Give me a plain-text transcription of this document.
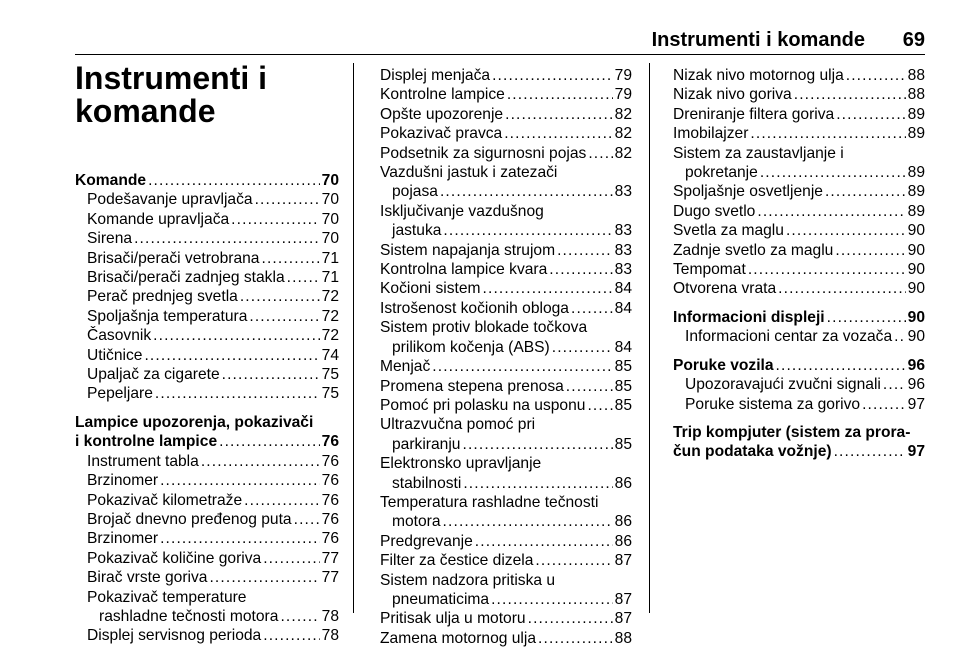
Instrumenti i komande	69
Instrumenti i
komande
Komande . . .	70
Podešavanje upravljača . . .	70
Komande upravljača . . .	70
Sirena . . .	70
Brisači/perači vetrobrana . . .	71
Brisači/perači zadnjeg stakla . . . 71
Perač prednjeg svetla . . .	72
Spoljašnja temperatura . . .	72
Časovnik . . .	72
Utičnice . . .	74
Upaljač za cigarete . . .	75
Pepeljare . . .	75
Lampice upozorenja, pokazivači
i kontrolne lampice . . .	76
Instrument tabla . . .	76
Brzinomer . . .	76
Pokazivač kilometraže . . .	76
Brojač dnevno pređenog puta . . . 76
Brzinomer . . .	76
Pokazivač količine goriva . . .	77
Birač vrste goriva . . .	77
Pokazivač temperature
rashladne tečnosti motora . . .	78
Displej servisnog perioda . . .	78
Displej menjača . . .	79
Kontrolne lampice . . .	79
Opšte upozorenje . . .	82
Pokazivač pravca . . .	82
Podsetnik za sigurnosni pojas . . . 82
Vazdušni jastuk i zatezači
pojasa . . .	83
Isključivanje vazdušnog
jastuka . . .	83
Sistem napajanja strujom . . .	83
Kontrolna lampice kvara . . .	83
Kočioni sistem . . .	84
Istrošenost kočionih obloga . . .	84
Sistem protiv blokade točkova
prilikom kočenja (ABS) . . .	84
Menjač . . .	85
Promena stepena prenosa . . .	85
Pomoć pri polasku na usponu . . . 85
Ultrazvučna pomoć pri
parkiranju . . .	85
Elektronsko upravljanje
stabilnosti . . .	86
Temperatura rashladne tečnosti
motora . . .	86
Predgrevanje . . .	86
Filter za čestice dizela . . .	87
Sistem nadzora pritiska u
pneumaticima . . .	87
Pritisak ulja u motoru . . .	87
Zamena motornog ulja . . .	88
Nizak nivo motornog ulja . . .	88
Nizak nivo goriva . . .	88
Dreniranje filtera goriva . . .	89
Imobilajzer . . .	89
Sistem za zaustavljanje i
pokretanje . . .	89
Spoljašnje osvetljenje . . .	89
Dugo svetlo . . .	89
Svetla za maglu . . .	90
Zadnje svetlo za maglu . . .	90
Tempomat . . .	90
Otvorena vrata . . .	90
Informacioni displeji . . .	90
Informacioni centar za vozača . . . 90
Poruke vozila . . .	96
Upozoravajući zvučni signali . . . 96
Poruke sistema za gorivo . . .	97
Trip kompjuter (sistem za prora-
čun podataka vožnje) . . .	97
